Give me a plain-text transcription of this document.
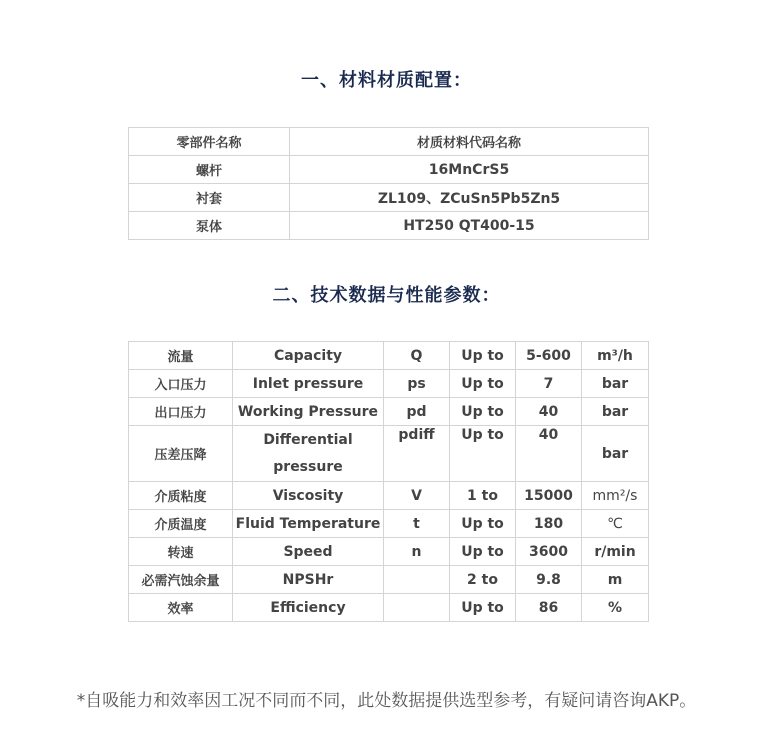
一、材料材质配置：
零部件名称	材质材料代码名称
螺杆	16MnCrS5
衬套	ZL109、ZCuSn5Pb5Zn5
泵体	HT250 QT400-15
二、技术数据与性能参数：
流量	Capacity	Q	Up to	5-600	m³/h
入口压力	Inlet pressure	ps	Up to	7	bar
出口压力	Working Pressure	pd	Up to	40	bar
压差压降	Differential pressure	pdiff	Up to	40	bar
介质粘度	Viscosity	V	1 to	15000	mm²/s
介质温度	Fluid Temperature	t	Up to	180	℃
转速	Speed	n	Up to	3600	r/min
必需汽蚀余量	NPSHr		2 to	9.8	m
效率	Efficiency		Up to	86	%
*自吸能力和效率因工况不同而不同，此处数据提供选型参考，有疑问请咨询AKP。
